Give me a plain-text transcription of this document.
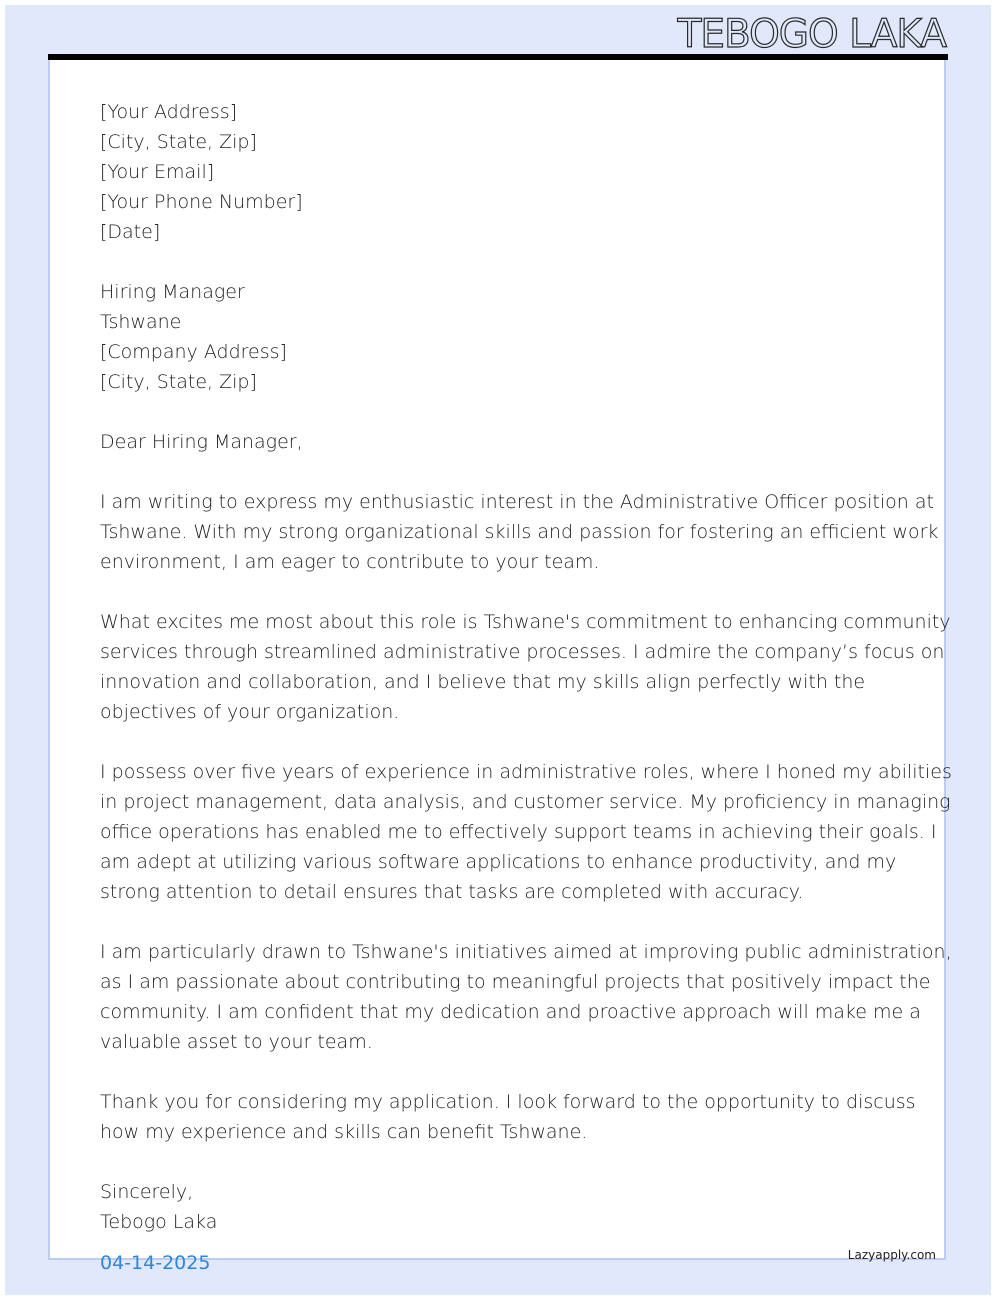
TEBOGO LAKA
[Your Address]
[City, State, Zip]
[Your Email]
[Your Phone Number]
[Date]
Hiring Manager
Tshwane
[Company Address]
[City, State, Zip]
Dear Hiring Manager,
I am writing to express my enthusiastic interest in the Administrative Officer position at
Tshwane. With my strong organizational skills and passion for fostering an efficient work
environment, I am eager to contribute to your team.
What excites me most about this role is Tshwane's commitment to enhancing community
services through streamlined administrative processes. I admire the company’s focus on
innovation and collaboration, and I believe that my skills align perfectly with the
objectives of your organization.
I possess over five years of experience in administrative roles, where I honed my abilities
in project management, data analysis, and customer service. My proficiency in managing
office operations has enabled me to effectively support teams in achieving their goals. I
am adept at utilizing various software applications to enhance productivity, and my
strong attention to detail ensures that tasks are completed with accuracy.
I am particularly drawn to Tshwane's initiatives aimed at improving public administration,
as I am passionate about contributing to meaningful projects that positively impact the
community. I am confident that my dedication and proactive approach will make me a
valuable asset to your team.
Thank you for considering my application. I look forward to the opportunity to discuss
how my experience and skills can benefit Tshwane.
Sincerely,
Tebogo Laka
04-14-2025	Lazyapply.com
